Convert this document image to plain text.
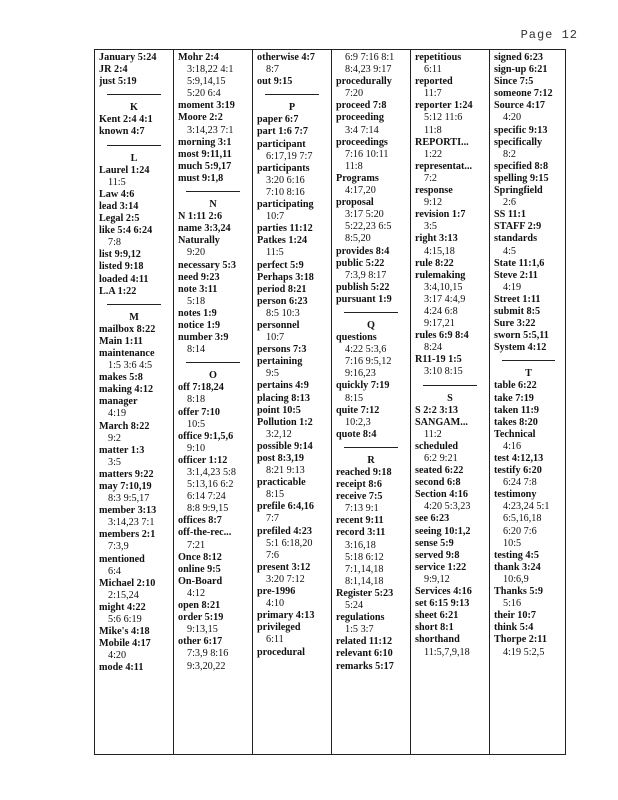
Page 12
January 5:24
JR 2:4
just 5:19
K
Kent 2:4 4:1
known 4:7
L
Laurel 1:24
11:5
Law 4:6
lead 3:14
Legal 2:5
like 5:4 6:24
7:8
list 9:9,12
listed 9:18
loaded 4:11
L.A 1:22
M
mailbox 8:22
Main 1:11
maintenance
1:5 3:6 4:5
makes 5:8
making 4:12
manager
4:19
March 8:22
9:2
matter 1:3
3:5
matters 9:22
may 7:10,19
8:3 9:5,17
member 3:13
3:14,23 7:1
members 2:1
7:3,9
mentioned
6:4
Michael 2:10
2:15,24
might 4:22
5:6 6:19
Mike's 4:18
Mobile 4:17
4:20
mode 4:11
Mohr 2:4
3:18,22 4:1
5:9,14,15
5:20 6:4
moment 3:19
Moore 2:2
3:14,23 7:1
morning 3:1
most 9:11,11
much 5:9,17
must 9:1,8
N
N 1:11 2:6
name 3:3,24
Naturally
9:20
necessary 5:3
need 9:23
note 3:11
5:18
notes 1:9
notice 1:9
number 3:9
8:14
O
off 7:18,24
8:18
offer 7:10
10:5
office 9:1,5,6
9:10
officer 1:12
3:1,4,23 5:8
5:13,16 6:2
6:14 7:24
8:8 9:9,15
offices 8:7
off-the-rec...
7:21
Once 8:12
online 9:5
On-Board
4:12
open 8:21
order 5:19
9:13,15
other 6:17
7:3,9 8:16
9:3,20,22
otherwise 4:7
8:7
out 9:15
P
paper 6:7
part 1:6 7:7
participant
6:17,19 7:7
participants
3:20 6:16
7:10 8:16
participating
10:7
parties 11:12
Patkes 1:24
11:5
perfect 5:9
Perhaps 3:18
period 8:21
person 6:23
8:5 10:3
personnel
10:7
persons 7:3
pertaining
9:5
pertains 4:9
placing 8:13
point 10:5
Pollution 1:2
3:2,12
possible 9:14
post 8:3,19
8:21 9:13
practicable
8:15
prefile 6:4,16
7:7
prefiled 4:23
5:1 6:18,20
7:6
present 3:12
3:20 7:12
pre-1996
4:10
primary 4:13
privileged
6:11
procedural
6:9 7:16 8:1
8:4,23 9:17
procedurally
7:20
proceed 7:8
proceeding
3:4 7:14
proceedings
7:16 10:11
11:8
Programs
4:17,20
proposal
3:17 5:20
5:22,23 6:5
8:5,20
provides 8:4
public 5:22
7:3,9 8:17
publish 5:22
pursuant 1:9
Q
questions
4:22 5:3,6
7:16 9:5,12
9:16,23
quickly 7:19
8:15
quite 7:12
10:2,3
quote 8:4
R
reached 9:18
receipt 8:6
receive 7:5
7:13 9:1
recent 9:11
record 3:11
3:16,18
5:18 6:12
7:1,14,18
8:1,14,18
Register 5:23
5:24
regulations
1:5 3:7
related 11:12
relevant 6:10
remarks 5:17
repetitious
6:11
reported
11:7
reporter 1:24
5:12 11:6
11:8
REPORTI...
1:22
representat...
7:2
response
9:12
revision 1:7
3:5
right 3:13
4:15,18
rule 8:22
rulemaking
3:4,10,15
3:17 4:4,9
4:24 6:8
9:17,21
rules 6:9 8:4
8:24
R11-19 1:5
3:10 8:15
S
S 2:2 3:13
SANGAM...
11:2
scheduled
6:2 9:21
seated 6:22
second 6:8
Section 4:16
4:20 5:3,23
see 6:23
seeing 10:1,2
sense 5:9
served 9:8
service 1:22
9:9,12
Services 4:16
set 6:15 9:13
sheet 6:21
short 8:1
shorthand
11:5,7,9,18
signed 6:23
sign-up 6:21
Since 7:5
someone 7:12
Source 4:17
4:20
specific 9:13
specifically
8:2
specified 8:8
spelling 9:15
Springfield
2:6
SS 11:1
STAFF 2:9
standards
4:5
State 11:1,6
Steve 2:11
4:19
Street 1:11
submit 8:5
Sure 3:22
sworn 5:5,11
System 4:12
T
table 6:22
take 7:19
taken 11:9
takes 8:20
Technical
4:16
test 4:12,13
testify 6:20
6:24 7:8
testimony
4:23,24 5:1
6:5,16,18
6:20 7:6
10:5
testing 4:5
thank 3:24
10:6,9
Thanks 5:9
5:16
their 10:7
think 5:4
Thorpe 2:11
4:19 5:2,5
